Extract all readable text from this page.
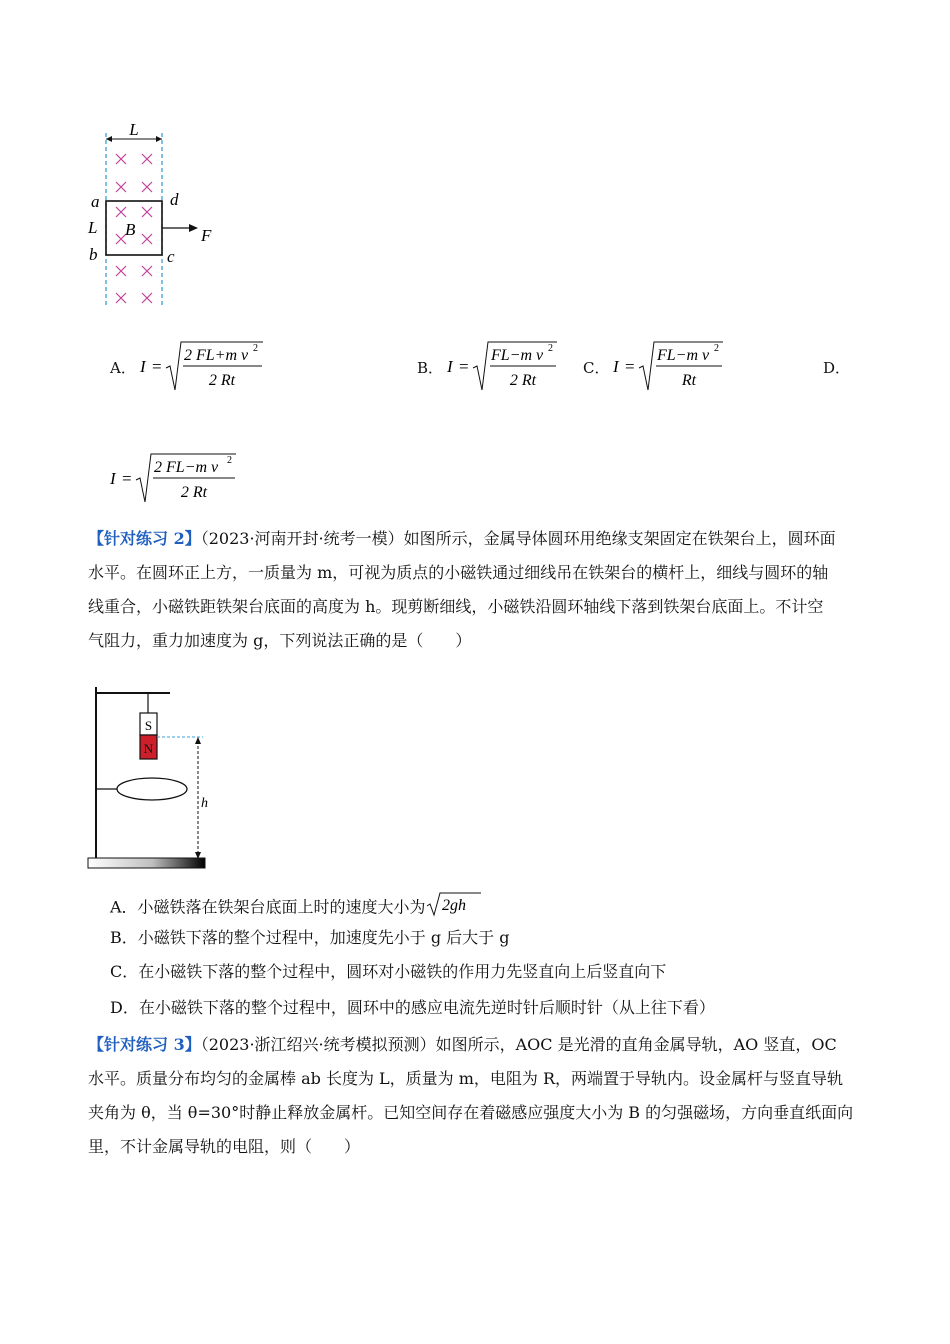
L
a	d
L B	F
b	c
A． I =
2 FL+m v 2
2 Rt
B． I =
FL−m v 2
2 Rt
C． I =
FL−m v 2
Rt
D．
I =
2 FL−m v 2
2 Rt
【针对练习 2】（2023·河南开封·统考一模）如图所示，金属导体圆环用绝缘支架固定在铁架台上，圆环面
水平。在圆环正上方，一质量为 m，可视为质点的小磁铁通过细线吊在铁架台的横杆上，细线与圆环的轴
线重合，小磁铁距铁架台底面的高度为 h。现剪断细线，小磁铁沿圆环轴线下落到铁架台底面上。不计空
气阻力，重力加速度为 g，下列说法正确的是（　　）
S
N
h
A．小磁铁落在铁架台底面上时的速度大小为 2gh
B．小磁铁下落的整个过程中，加速度先小于 g 后大于 g
C．在小磁铁下落的整个过程中，圆环对小磁铁的作用力先竖直向上后竖直向下
D．在小磁铁下落的整个过程中，圆环中的感应电流先逆时针后顺时针（从上往下看）
【针对练习 3】（2023·浙江绍兴·统考模拟预测）如图所示，AOC 是光滑的直角金属导轨，AO 竖直，OC
水平。质量分布均匀的金属棒 ab 长度为 L，质量为 m，电阻为 R，两端置于导轨内。设金属杆与竖直导轨
夹角为 θ，当 θ=30°时静止释放金属杆。已知空间存在着磁感应强度大小为 B 的匀强磁场，方向垂直纸面向
里，不计金属导轨的电阻，则（　　）
